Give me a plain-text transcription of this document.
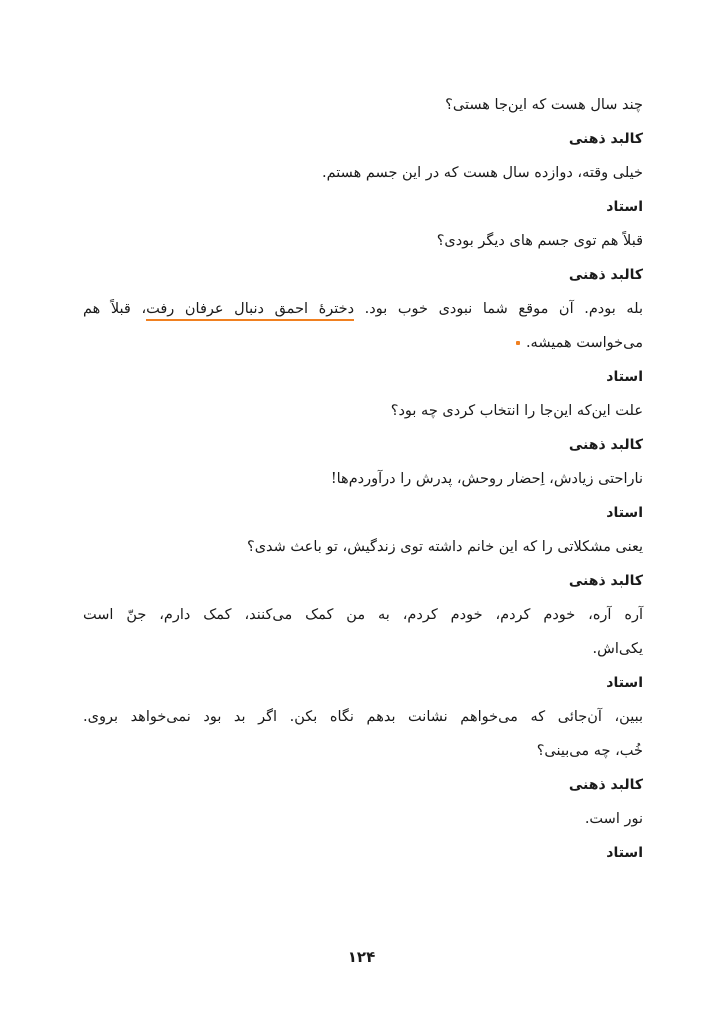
چند سال هست که این‌جا هستی؟
کالبد ذهنی
خیلی وقته، دوازده سال هست که در این جسم هستم.
استاد
قبلاً هم توی جسم های دیگر بودی؟
کالبد ذهنی
بله بودم. آن موقع شما نبودی خوب بود. دخترهٔ احمق دنبال عرفان رفت، قبلاً هم
می‌خواست همیشه.
استاد
علت این‌که این‌جا را انتخاب کردی چه بود؟
کالبد ذهنی
ناراحتی زیادش، اِحضار روحش، پدرش را درآوردم‌ها!
استاد
یعنی مشکلاتی را که این خانم داشته توی زندگیش، تو باعث شدی؟
کالبد ذهنی
آره آره، خودم کردم، خودم کردم، به من کمک می‌کنند، کمک دارم، جنّ است
یکی‌اش.
استاد
ببین، آن‌جائی که می‌خواهم نشانت بدهم نگاه بکن. اگر بد بود نمی‌خواهد بروی.
خُب، چه می‌بینی؟
کالبد ذهنی
نور است.
استاد
۱۲۴
